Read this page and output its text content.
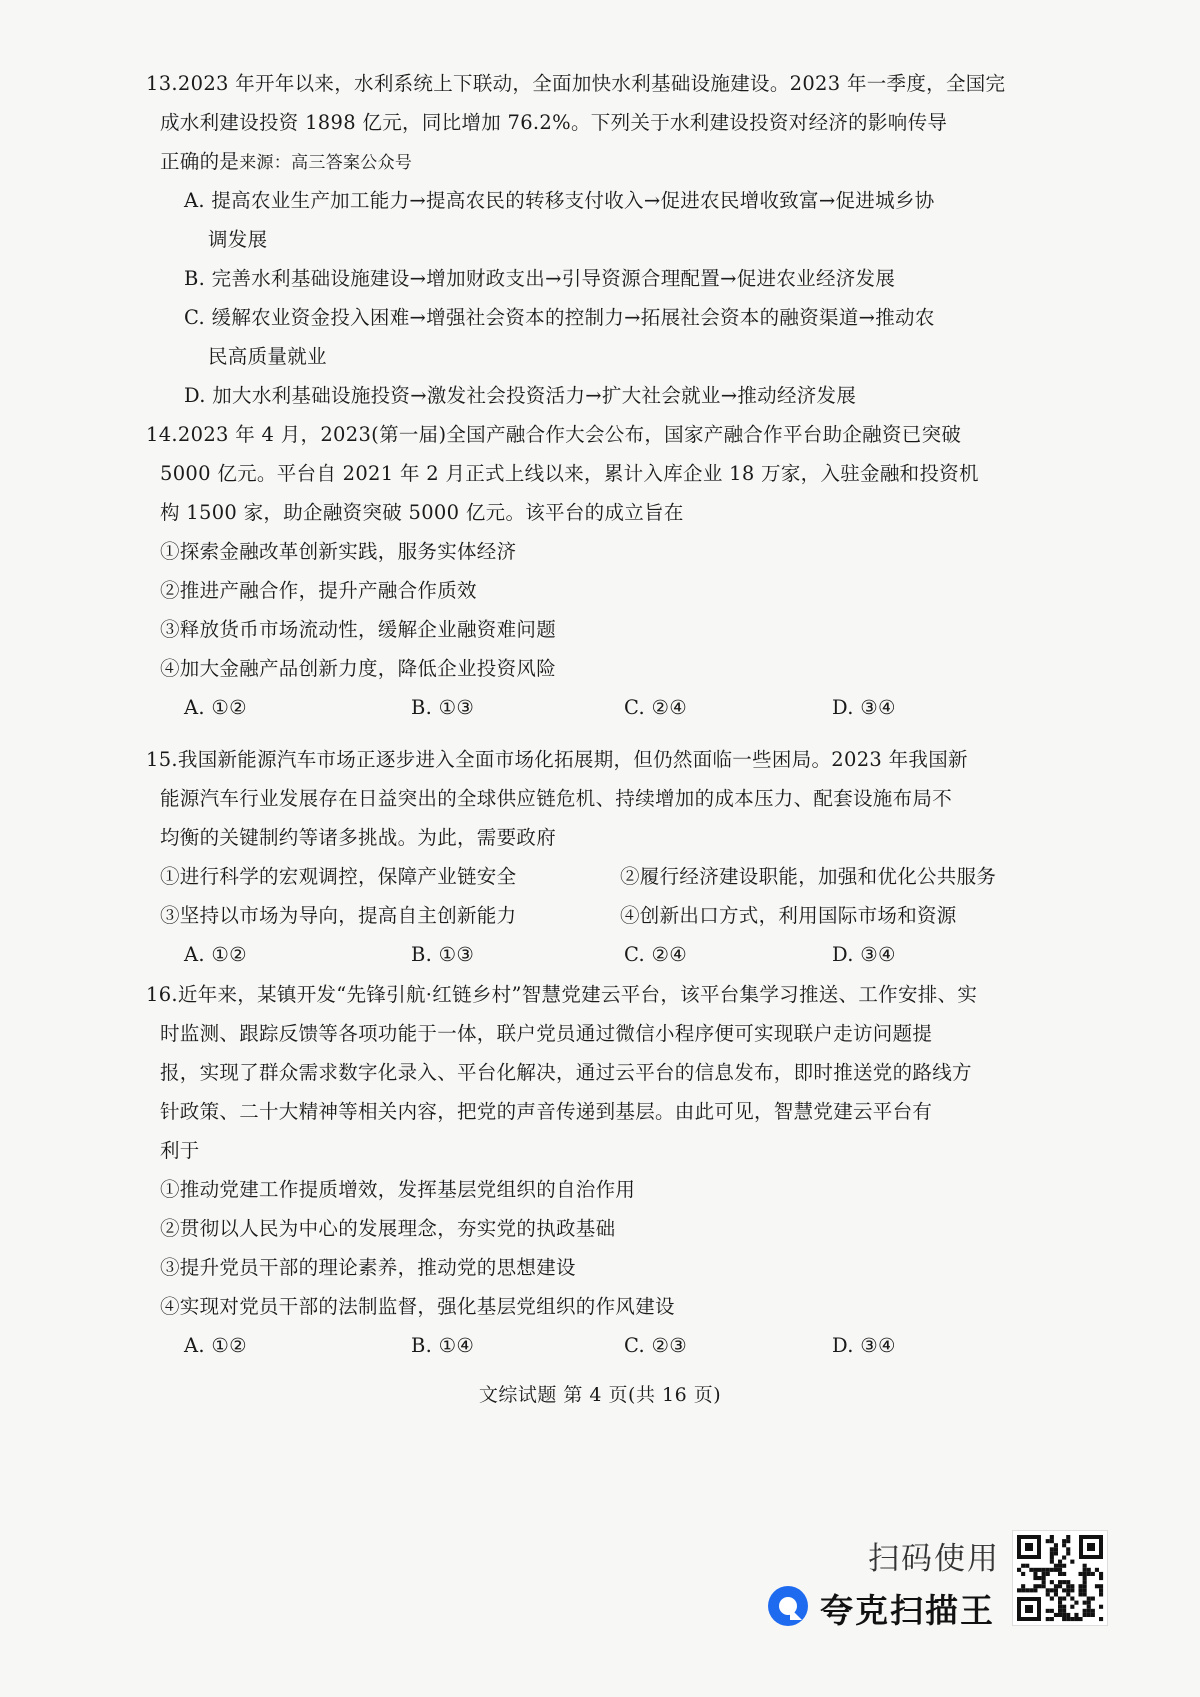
13.2023 年开年以来，水利系统上下联动，全面加快水利基础设施建设。2023 年一季度，全国完
成水利建设投资 1898 亿元，同比增加 76.2%。下列关于水利建设投资对经济的影响传导
正确的是来源：高三答案公众号
A. 提高农业生产加工能力→提高农民的转移支付收入→促进农民增收致富→促进城乡协
调发展
B. 完善水利基础设施建设→增加财政支出→引导资源合理配置→促进农业经济发展
C. 缓解农业资金投入困难→增强社会资本的控制力→拓展社会资本的融资渠道→推动农
民高质量就业
D. 加大水利基础设施投资→激发社会投资活力→扩大社会就业→推动经济发展
14.2023 年 4 月，2023(第一届)全国产融合作大会公布，国家产融合作平台助企融资已突破
5000 亿元。平台自 2021 年 2 月正式上线以来，累计入库企业 18 万家，入驻金融和投资机
构 1500 家，助企融资突破 5000 亿元。该平台的成立旨在
①探索金融改革创新实践，服务实体经济
②推进产融合作，提升产融合作质效
③释放货币市场流动性，缓解企业融资难问题
④加大金融产品创新力度，降低企业投资风险
A. ①②	B. ①③	C. ②④	D. ③④
15.我国新能源汽车市场正逐步进入全面市场化拓展期，但仍然面临一些困局。2023 年我国新
能源汽车行业发展存在日益突出的全球供应链危机、持续增加的成本压力、配套设施布局不
均衡的关键制约等诸多挑战。为此，需要政府
①进行科学的宏观调控，保障产业链安全	②履行经济建设职能，加强和优化公共服务
③坚持以市场为导向，提高自主创新能力	④创新出口方式，利用国际市场和资源
A. ①②	B. ①③	C. ②④	D. ③④
16.近年来，某镇开发“先锋引航·红链乡村”智慧党建云平台，该平台集学习推送、工作安排、实
时监测、跟踪反馈等各项功能于一体，联户党员通过微信小程序便可实现联户走访问题提
报，实现了群众需求数字化录入、平台化解决，通过云平台的信息发布，即时推送党的路线方
针政策、二十大精神等相关内容，把党的声音传递到基层。由此可见，智慧党建云平台有
利于
①推动党建工作提质增效，发挥基层党组织的自治作用
②贯彻以人民为中心的发展理念，夯实党的执政基础
③提升党员干部的理论素养，推动党的思想建设
④实现对党员干部的法制监督，强化基层党组织的作风建设
A. ①②	B. ①④	C. ②③	D. ③④
文综试题 第 4 页(共 16 页)
扫码使用
夸克扫描王
